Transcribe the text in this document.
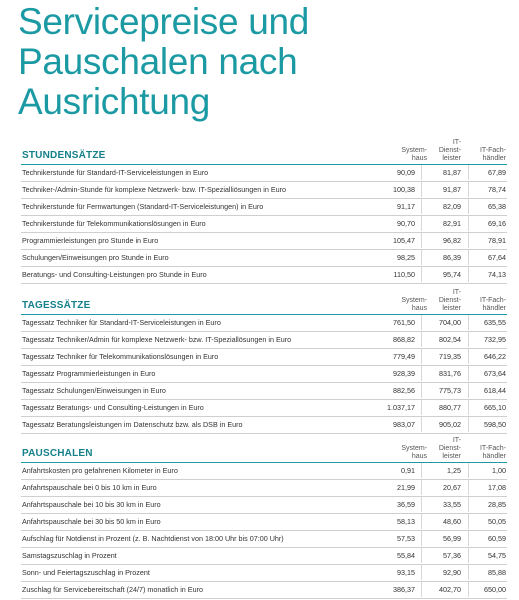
Servicepreise und
Pauschalen nach
Ausrichtung
STUNDENSÄTZE	System-
haus
IT-Dienst-
leister
IT-Fach-
händler
Technikerstunde für Standard-IT-Serviceleistungen in Euro	90,09	81,87	67,89
Techniker-/Admin-Stunde für komplexe Netzwerk- bzw. IT-Spezialliösungen in Euro	100,38	91,87	78,74
Technikerstunde für Fernwartungen (Standard-IT-Serviceleistungen) in Euro	91,17	82,09	65,38
Technikerstunde für Telekommunikationslösungen in Euro	90,70	82,91	69,16
Programmierleistungen pro Stunde in Euro	105,47	96,82	78,91
Schulungen/Einweisungen pro Stunde in Euro	98,25	86,39	67,64
Beratungs- und Consulting-Leistungen pro Stunde in Euro	110,50	95,74	74,13
TAGESSÄTZE	System-
haus
IT-Dienst-
leister
IT-Fach-
händler
Tagessatz Techniker für Standard-IT-Serviceleistungen in Euro	761,50	704,00	635,55
Tagessatz Techniker/Admin für komplexe Netzwerk- bzw. IT-Speziallösungen in Euro	868,82	802,54	732,95
Tagessatz Techniker für Telekommunikationslösungen in Euro	779,49	719,35	646,22
Tagessatz Programmierleistungen in Euro	928,39	831,76	673,64
Tagessatz Schulungen/Einweisungen in Euro	882,56	775,73	618,44
Tagessatz Beratungs- und Consulting-Leistungen in Euro	1.037,17	880,77	665,10
Tagessatz Beratungsleistungen im Datenschutz bzw. als DSB in Euro	983,07	905,02	598,50
PAUSCHALEN	System-
haus
IT-Dienst-
leister
IT-Fach-
händler
Anfahrtskosten pro gefahrenen Kilometer in Euro	0,91	1,25	1,00
Anfahrtspauschale bei 0 bis 10 km in Euro	21,99	20,67	17,08
Anfahrtspauschale bei 10 bis 30 km in Euro	36,59	33,55	28,85
Anfahrtspauschale bei 30 bis 50 km in Euro	58,13	48,60	50,05
Aufschlag für Notdienst in Prozent (z. B. Nachtdienst von 18:00 Uhr bis 07:00 Uhr)	57,53	56,99	60,59
Samstagszuschlag in Prozent	55,84	57,36	54,75
Sonn- und Feiertagszuschlag in Prozent	93,15	92,90	85,88
Zuschlag für Servicebereitschaft (24/7) monatlich in Euro	386,37	402,70	650,00
